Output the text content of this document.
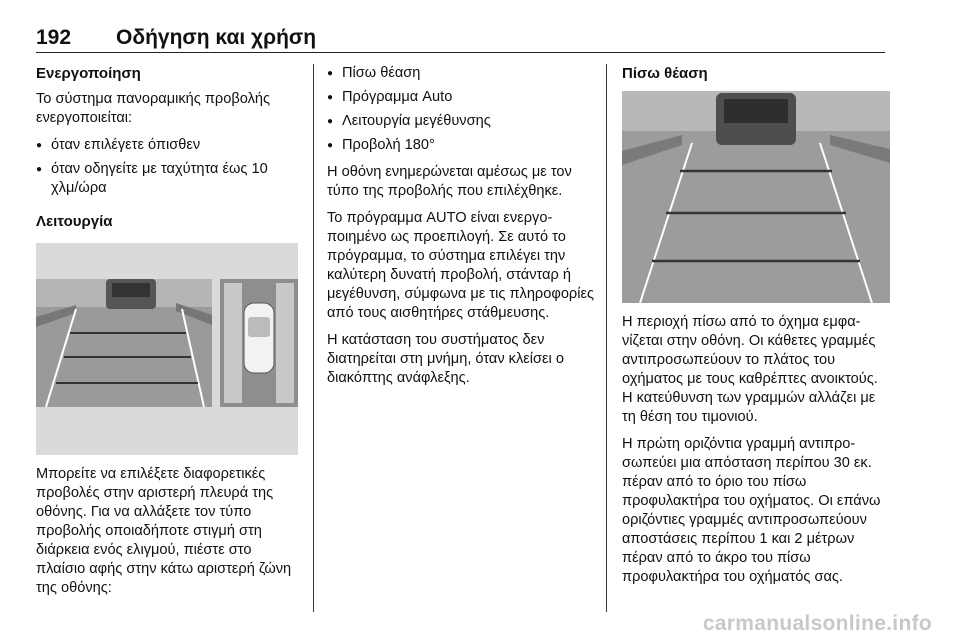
192 Οδήγηση και χρήση
Ενεργοποίηση

Το σύστημα πανοραμικής προβολής ενεργοποιείται:

● όταν επιλέγετε όπισθεν
● όταν οδηγείτε με ταχύτητα έως 10 χλμ/ώρα
Λειτουργία

Μπορείτε να επιλέξετε διαφορετικές προβολές στην αριστερή πλευρά της οθόνης. Για να αλλάξετε τον τύπο προβολής οποιαδήποτε στιγμή στη διάρκεια ενός ελιγμού, πιέστε στο πλαίσιο αφής στην κάτω αριστερή ζώνη της οθόνης:

● Πίσω θέαση
● Πρόγραμμα Auto
● Λειτουργία μεγέθυνσης
● Προβολή 180°

Η οθόνη ενημερώνεται αμέσως με τον τύπο της προβολής που επιλέχθηκε.

Το πρόγραμμα AUTO είναι ενεργοποιημένο ως προεπιλογή. Σε αυτό το πρόγραμμα, το σύστημα επιλέγει την καλύτερη δυνατή προβολή, στάνταρ ή μεγέθυνση, σύμφωνα με τις πληροφορίες από τους αισθητήρες στάθμευσης.

Η κατάσταση του συστήματος δεν διατηρείται στη μνήμη, όταν κλείσει ο διακόπτης ανάφλεξης.

Πίσω θέαση

Η περιοχή πίσω από το όχημα εμφανίζεται στην οθόνη. Οι κάθετες γραμμές αντιπροσωπεύουν το πλάτος του οχήματος με τους καθρέπτες ανοικτούς. Η κατεύθυνση των γραμμών αλλάζει με τη θέση του τιμονιού.

Η πρώτη οριζόντια γραμμή αντιπροσωπεύει μια απόσταση περίπου 30 εκ. πέραν από το όριο του πίσω προφυλακτήρα του οχήματος. Οι επάνω οριζόντιες γραμμές αντιπροσωπεύουν αποστάσεις περίπου 1 και 2 μέτρων πέραν από το άκρο του πίσω προφυλακτήρα του οχήματός σας.

carmanualsonline.info
